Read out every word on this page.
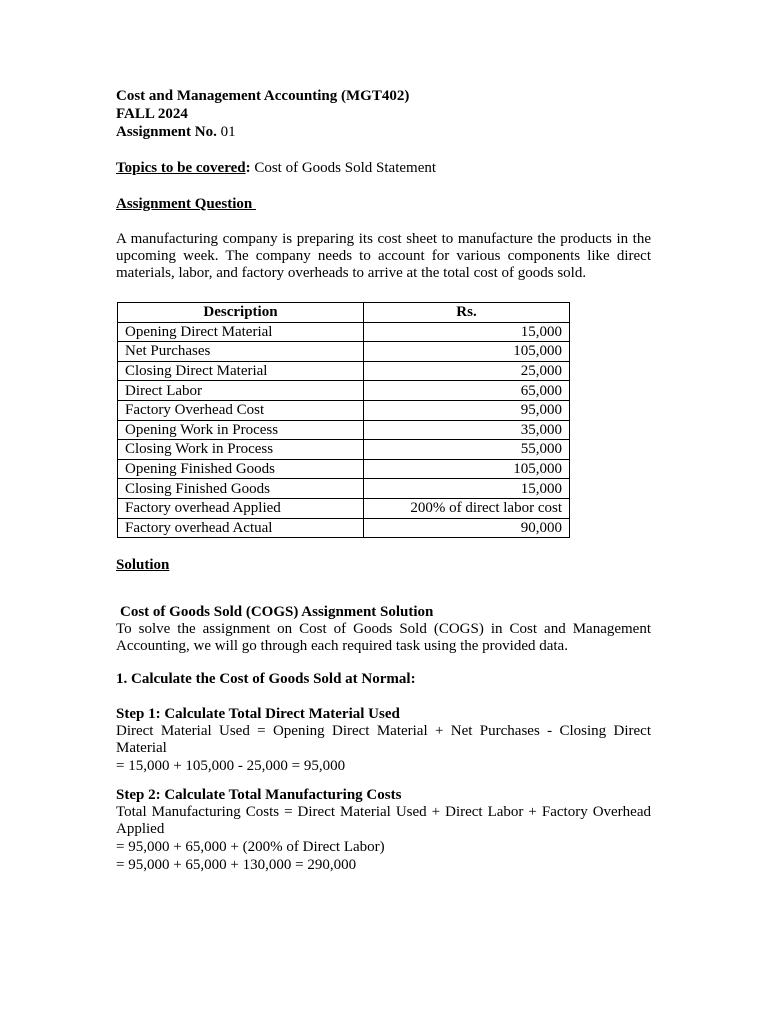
Cost and Management Accounting (MGT402)

FALL 2024

Assignment No. 01

Topics to be covered: Cost of Goods Sold Statement

Assignment Question

A manufacturing company is preparing its cost sheet to manufacture the products in the upcoming week. The company needs to account for various components like direct materials, labor, and factory overheads to arrive at the total cost of goods sold.

Description	Rs.
Opening Direct Material	15,000
Net Purchases	105,000
Closing Direct Material	25,000
Direct Labor	65,000
Factory Overhead Cost	95,000
Opening Work in Process	35,000
Closing Work in Process	55,000
Opening Finished Goods	105,000
Closing Finished Goods	15,000
Factory overhead Applied	200% of direct labor cost
Factory overhead Actual	90,000

Solution

Cost of Goods Sold (COGS) Assignment Solution

To solve the assignment on Cost of Goods Sold (COGS) in Cost and Management Accounting, we will go through each required task using the provided data.

1. Calculate the Cost of Goods Sold at Normal:

Step 1: Calculate Total Direct Material Used

Direct Material Used = Opening Direct Material + Net Purchases - Closing Direct Material

= 15,000 + 105,000 - 25,000 = 95,000

Step 2: Calculate Total Manufacturing Costs

Total Manufacturing Costs = Direct Material Used + Direct Labor + Factory Overhead Applied

= 95,000 + 65,000 + (200% of Direct Labor)

= 95,000 + 65,000 + 130,000 = 290,000
